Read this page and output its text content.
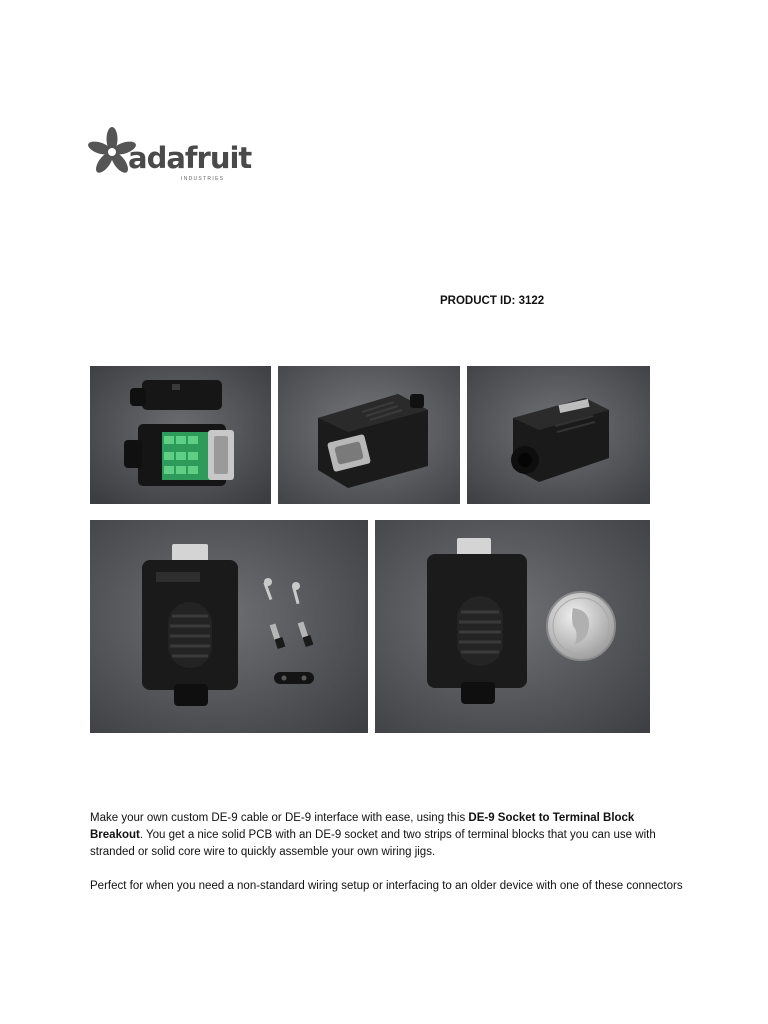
adafruit
INDUSTRIES
PRODUCT ID: 3122

Make your own custom DE-9 cable or DE-9 interface with ease, using this DE-9 Socket to Terminal Block Breakout. You get a nice solid PCB with an DE-9 socket and two strips of terminal blocks that you can use with stranded or solid core wire to quickly assemble your own wiring jigs.

Perfect for when you need a non-standard wiring setup or interfacing to an older device with one of these connectors
